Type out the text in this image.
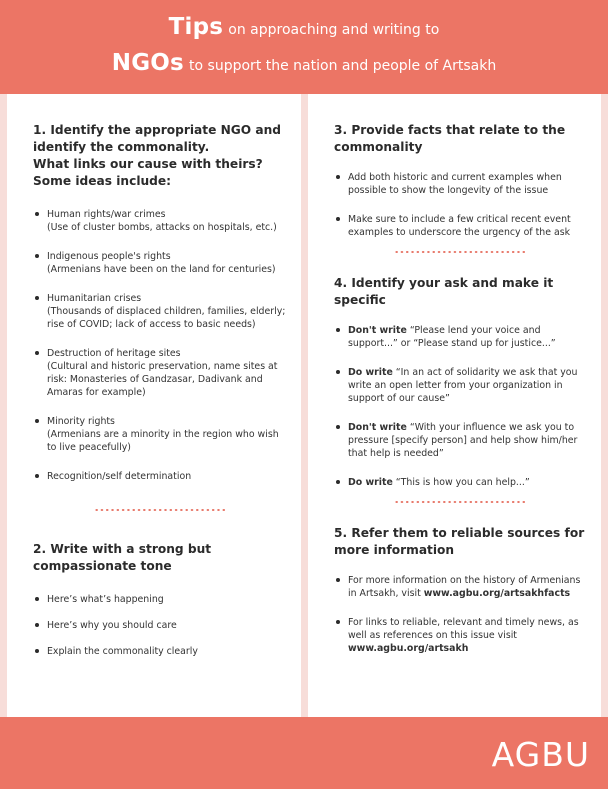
Tips on approaching and writing to
NGOs to support the nation and people of Artsakh
1. Identify the appropriate NGO and identify the commonality.
What links our cause with theirs? Some ideas include:
Human rights/war crimes
(Use of cluster bombs, attacks on hospitals, etc.)
Indigenous people's rights
(Armenians have been on the land for centuries)
Humanitarian crises
(Thousands of displaced children, families, elderly; rise of COVID; lack of access to basic needs)
Destruction of heritage sites
(Cultural and historic preservation, name sites at risk: Monasteries of Gandzasar, Dadivank and Amaras for example)
Minority rights
(Armenians are a minority in the region who wish to live peacefully)
Recognition/self determination
2. Write with a strong but compassionate tone
Here’s what’s happening
Here’s why you should care
Explain the commonality clearly
3. Provide facts that relate to the commonality
Add both historic and current examples when possible to show the longevity of the issue
Make sure to include a few critical recent event examples to underscore the urgency of the ask
4. Identify your ask and make it specific
Don't write “Please lend your voice and support...” or “Please stand up for justice...”
Do write “In an act of solidarity we ask that you write an open letter from your organization in support of our cause”
Don't write “With your influence we ask you to pressure [specify person] and help show him/her that help is needed”
Do write “This is how you can help...”
5. Refer them to reliable sources for more information
For more information on the history of Armenians in Artsakh, visit www.agbu.org/artsakhfacts
For links to reliable, relevant and timely news, as well as references on this issue visit www.agbu.org/artsakh
AGBU
